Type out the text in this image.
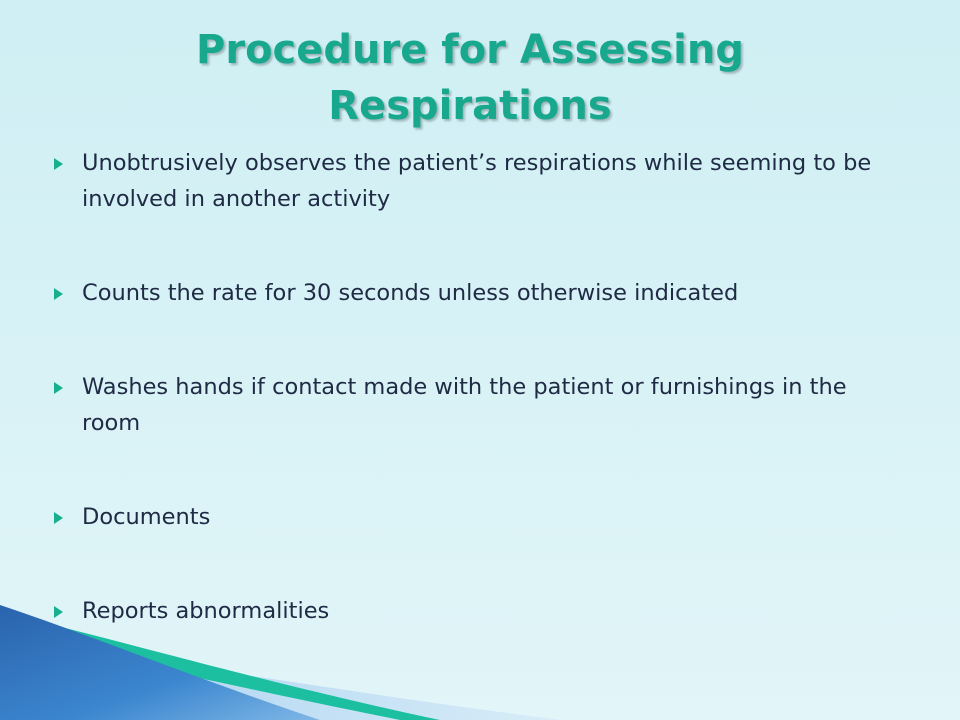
Procedure for Assessing
Respirations
Unobtrusively observes the patient’s respirations while seeming to be involved in another activity
Counts the rate for 30 seconds unless otherwise indicated
Washes hands if contact made with the patient or furnishings in the room
Documents
Reports abnormalities
